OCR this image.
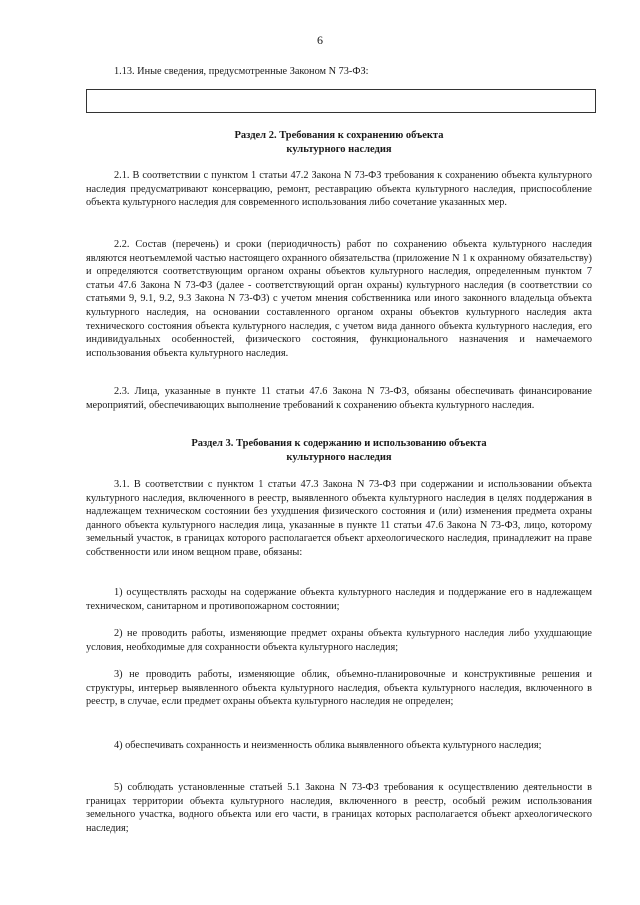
6

1.13. Иные сведения, предусмотренные Законом N 73-ФЗ:

Раздел 2. Требования к сохранению объекта
культурного наследия

2.1. В соответствии с пунктом 1 статьи 47.2 Закона N 73-ФЗ требования к сохранению объекта культурного наследия предусматривают консервацию, ремонт, реставрацию объекта культурного наследия, приспособление объекта культурного наследия для современного использования либо сочетание указанных мер.

2.2. Состав (перечень) и сроки (периодичность) работ по сохранению объекта культурного наследия являются неотъемлемой частью настоящего охранного обязательства (приложение N 1 к охранному обязательству) и определяются соответствующим органом охраны объектов культурного наследия, определенным пунктом 7 статьи 47.6 Закона N 73-ФЗ (далее - соответствующий орган охраны) культурного наследия (в соответствии со статьями 9, 9.1, 9.2, 9.3 Закона N 73-ФЗ) с учетом мнения собственника или иного законного владельца объекта культурного наследия, на основании составленного органом охраны объектов культурного наследия акта технического состояния объекта культурного наследия, с учетом вида данного объекта культурного наследия, его индивидуальных особенностей, физического состояния, функционального назначения и намечаемого использования объекта культурного наследия.

2.3. Лица, указанные в пункте 11 статьи 47.6 Закона N 73-ФЗ, обязаны обеспечивать финансирование мероприятий, обеспечивающих выполнение требований к сохранению объекта культурного наследия.

Раздел 3. Требования к содержанию и использованию объекта
культурного наследия

3.1. В соответствии с пунктом 1 статьи 47.3 Закона N 73-ФЗ при содержании и использовании объекта культурного наследия, включенного в реестр, выявленного объекта культурного наследия в целях поддержания в надлежащем техническом состоянии без ухудшения физического состояния и (или) изменения предмета охраны данного объекта культурного наследия лица, указанные в пункте 11 статьи 47.6 Закона N 73-ФЗ, лицо, которому земельный участок, в границах которого располагается объект археологического наследия, принадлежит на праве собственности или ином вещном праве, обязаны:

1) осуществлять расходы на содержание объекта культурного наследия и поддержание его в надлежащем техническом, санитарном и противопожарном состоянии;

2) не проводить работы, изменяющие предмет охраны объекта культурного наследия либо ухудшающие условия, необходимые для сохранности объекта культурного наследия;

3) не проводить работы, изменяющие облик, объемно-планировочные и конструктивные решения и структуры, интерьер выявленного объекта культурного наследия, объекта культурного наследия, включенного в реестр, в случае, если предмет охраны объекта культурного наследия не определен;

4) обеспечивать сохранность и неизменность облика выявленного объекта культурного наследия;

5) соблюдать установленные статьей 5.1 Закона N 73-ФЗ требования к осуществлению деятельности в границах территории объекта культурного наследия, включенного в реестр, особый режим использования земельного участка, водного объекта или его части, в границах которых располагается объект археологического наследия;
